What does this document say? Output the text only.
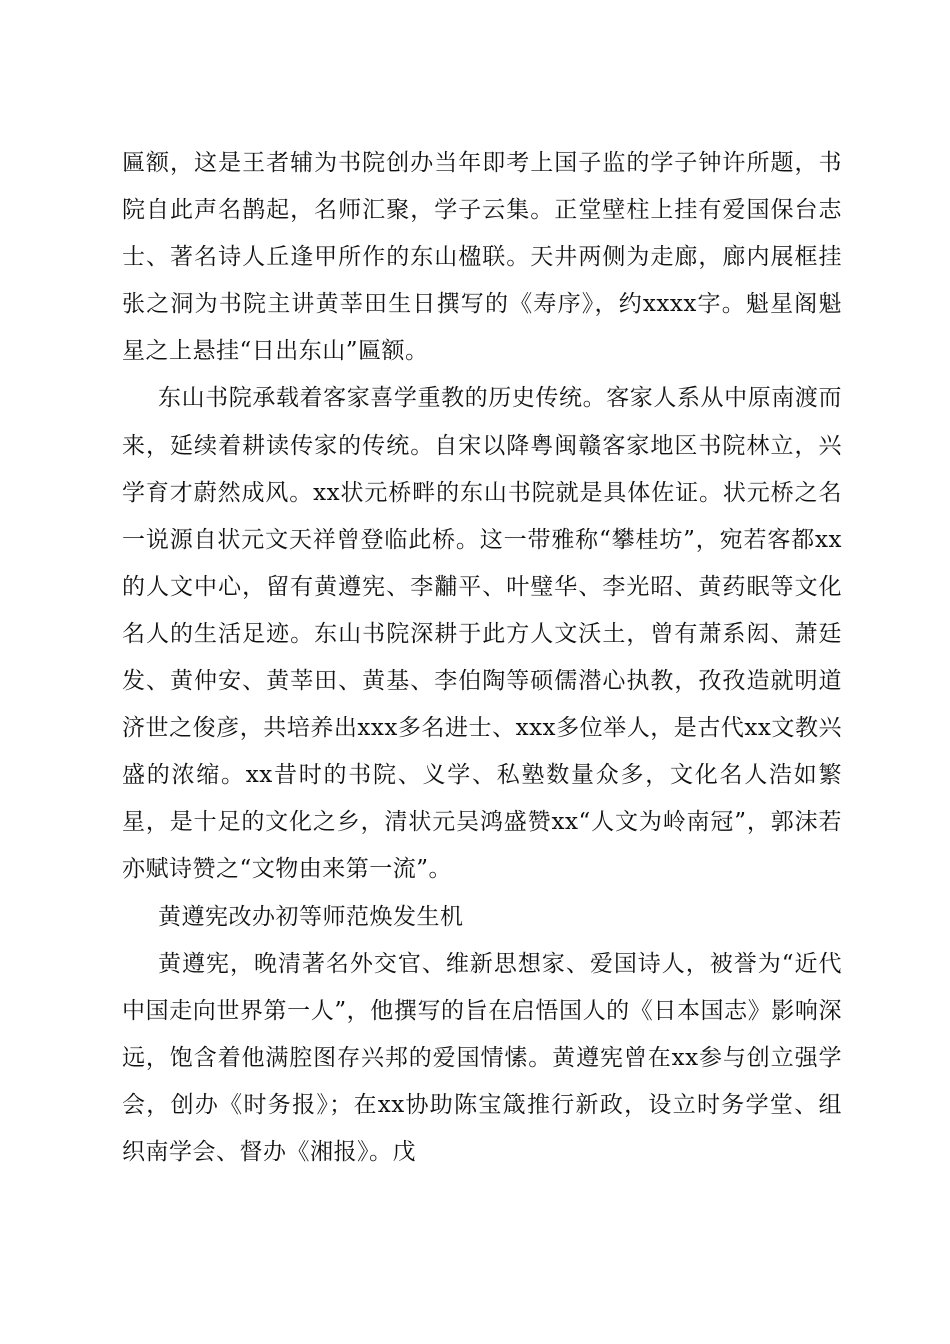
匾额，这是王者辅为书院创办当年即考上国子监的学子钟许所题，书院自此声名鹊起，名师汇聚，学子云集。正堂壁柱上挂有爱国保台志士、著名诗人丘逢甲所作的东山楹联。天井两侧为走廊，廊内展框挂张之洞为书院主讲黄莘田生日撰写的《寿序》，约xxxx字。魁星阁魁星之上悬挂“日出东山”匾额。

东山书院承载着客家喜学重教的历史传统。客家人系从中原南渡而来，延续着耕读传家的传统。自宋以降粤闽赣客家地区书院林立，兴学育才蔚然成风。xx状元桥畔的东山书院就是具体佐证。状元桥之名一说源自状元文天祥曾登临此桥。这一带雅称“攀桂坊”，宛若客都xx的人文中心，留有黄遵宪、李黼平、叶璧华、李光昭、黄药眠等文化名人的生活足迹。东山书院深耕于此方人文沃土，曾有萧系闳、萧廷发、黄仲安、黄莘田、黄基、李伯陶等硕儒潜心执教，孜孜造就明道济世之俊彦，共培养出xxx多名进士、xxx多位举人，是古代xx文教兴盛的浓缩。xx昔时的书院、义学、私塾数量众多，文化名人浩如繁星，是十足的文化之乡，清状元吴鸿盛赞xx“人文为岭南冠”，郭沫若亦赋诗赞之“文物由来第一流”。

黄遵宪改办初等师范焕发生机

黄遵宪，晚清著名外交官、维新思想家、爱国诗人，被誉为“近代中国走向世界第一人”，他撰写的旨在启悟国人的《日本国志》影响深远，饱含着他满腔图存兴邦的爱国情愫。黄遵宪曾在xx参与创立强学会，创办《时务报》；在xx协助陈宝箴推行新政，设立时务学堂、组织南学会、督办《湘报》。戊
